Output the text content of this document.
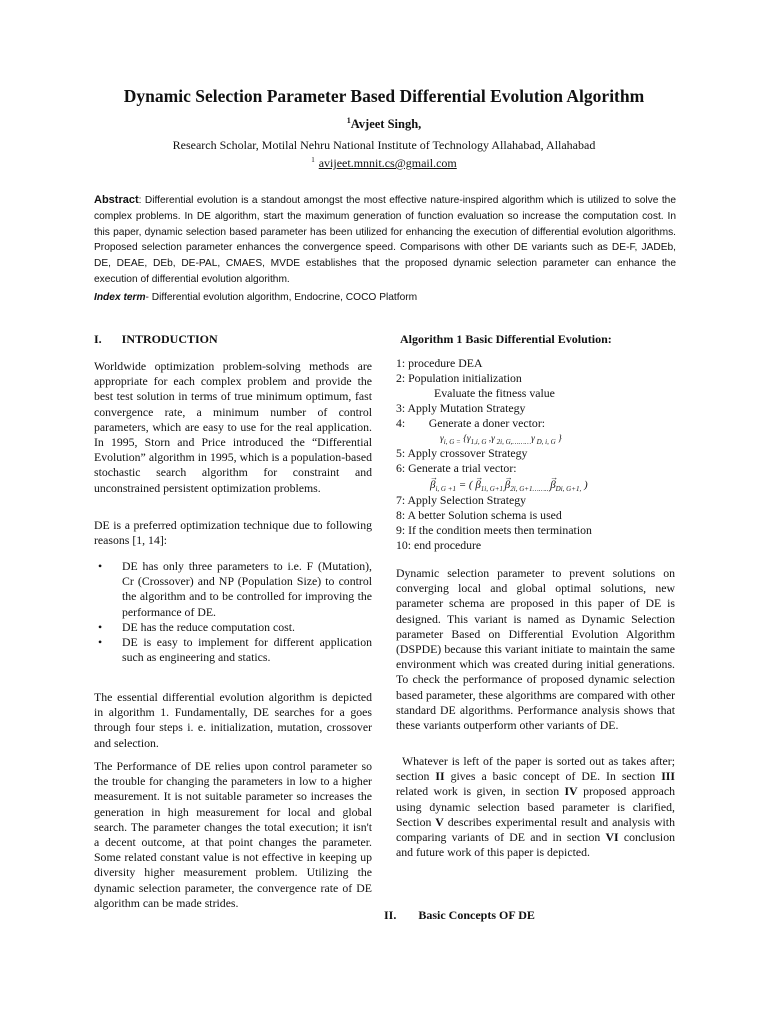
Dynamic Selection Parameter Based Differential Evolution Algorithm
$^1$Avjeet Singh,
Research Scholar, Motilal Nehru National Institute of Technology Allahabad, Allahabad
$^1$ avijeet.mnnit.cs@gmail.com
Abstract: Differential evolution is a standout amongst the most effective nature-inspired algorithm which is utilized to solve the complex problems. In DE algorithm, start the maximum generation of function evaluation so increase the computation cost. In this paper, dynamic selection based parameter has been utilized for enhancing the execution of differential evolution algorithms. Proposed selection parameter enhances the convergence speed. Comparisons with other DE variants such as DE-F, JADEb, DE, DEAE, DEb, DE-PAL, CMAES, MVDE establishes that the proposed dynamic selection parameter can enhance the execution of differential evolution algorithm.
Index term- Differential evolution algorithm, Endocrine, COCO Platform
I. INTRODUCTION

Worldwide optimization problem-solving methods are appropriate for each complex problem and provide the best test solution in terms of true minimum optimum, fast convergence rate, a minimum number of control parameters, which are easy to use for the real application. In 1995, Storn and Price introduced the “Differential Evolution” algorithm in 1995, which is a population-based stochastic search algorithm for constraint and unconstrained persistent optimization problems.

DE is a preferred optimization technique due to following reasons [1, 14]:

• DE has only three parameters to i.e. F (Mutation), Cr (Crossover) and NP (Population Size) to control the algorithm and to be controlled for improving the performance of DE.
• DE has the reduce computation cost.
• DE is easy to implement for different application such as engineering and statics.

The essential differential evolution algorithm is depicted in algorithm 1. Fundamentally, DE searches for a goes through four steps i. e. initialization, mutation, crossover and selection.

The Performance of DE relies upon control parameter so the trouble for changing the parameters in low to a higher measurement. It is not suitable parameter so increases the generation in high measurement for local and global search. The parameter changes the total execution; it isn't a decent outcome, at that point changes the parameter. Some related constant value is not effective in keeping up diversity higher measurement problem. Utilizing the dynamic selection parameter, the convergence rate of DE algorithm can be made strides.

Algorithm 1 Basic Differential Evolution:
1: procedure DEA
2: Population initialization
Evaluate the fitness value
3: Apply Mutation Strategy
4:        Generate a doner vector:
$\gamma_{i, G =}$ {$\gamma_{1,i, G}$ ,γ $_{2i, G,\dots\dots\dots}$γ $_{D, i, G}$ }
5: Apply crossover Strategy
6: Generate a trial vector:
→ $\beta_{i, G +1}$ = ( → $\beta_{1i, G+1,}\to \beta_{2i, G+1\dots\dots..,}\to \beta_{Di, G+1,}$ )
7: Apply Selection Strategy
8: A better Solution schema is used
9: If the condition meets then termination
10: end procedure

Dynamic selection parameter to prevent solutions on converging local and global optimal solutions, new parameter schema are proposed in this paper of DE is designed. This variant is named as Dynamic Selection parameter Based on Differential Evolution Algorithm (DSPDE) because this variant initiate to maintain the same environment which was created during initial generations. To check the performance of proposed dynamic selection based parameter, these algorithms are compared with other standard DE algorithms. Performance analysis shows that these variants outperform other variants of DE.

Whatever is left of the paper is sorted out as takes after; section II gives a basic concept of DE. In section III related work is given, in section IV proposed approach using dynamic selection based parameter is clarified, Section V describes experimental result and analysis with comparing variants of DE and in section VI conclusion and future work of this paper is depicted.

II. Basic Concepts OF DE
